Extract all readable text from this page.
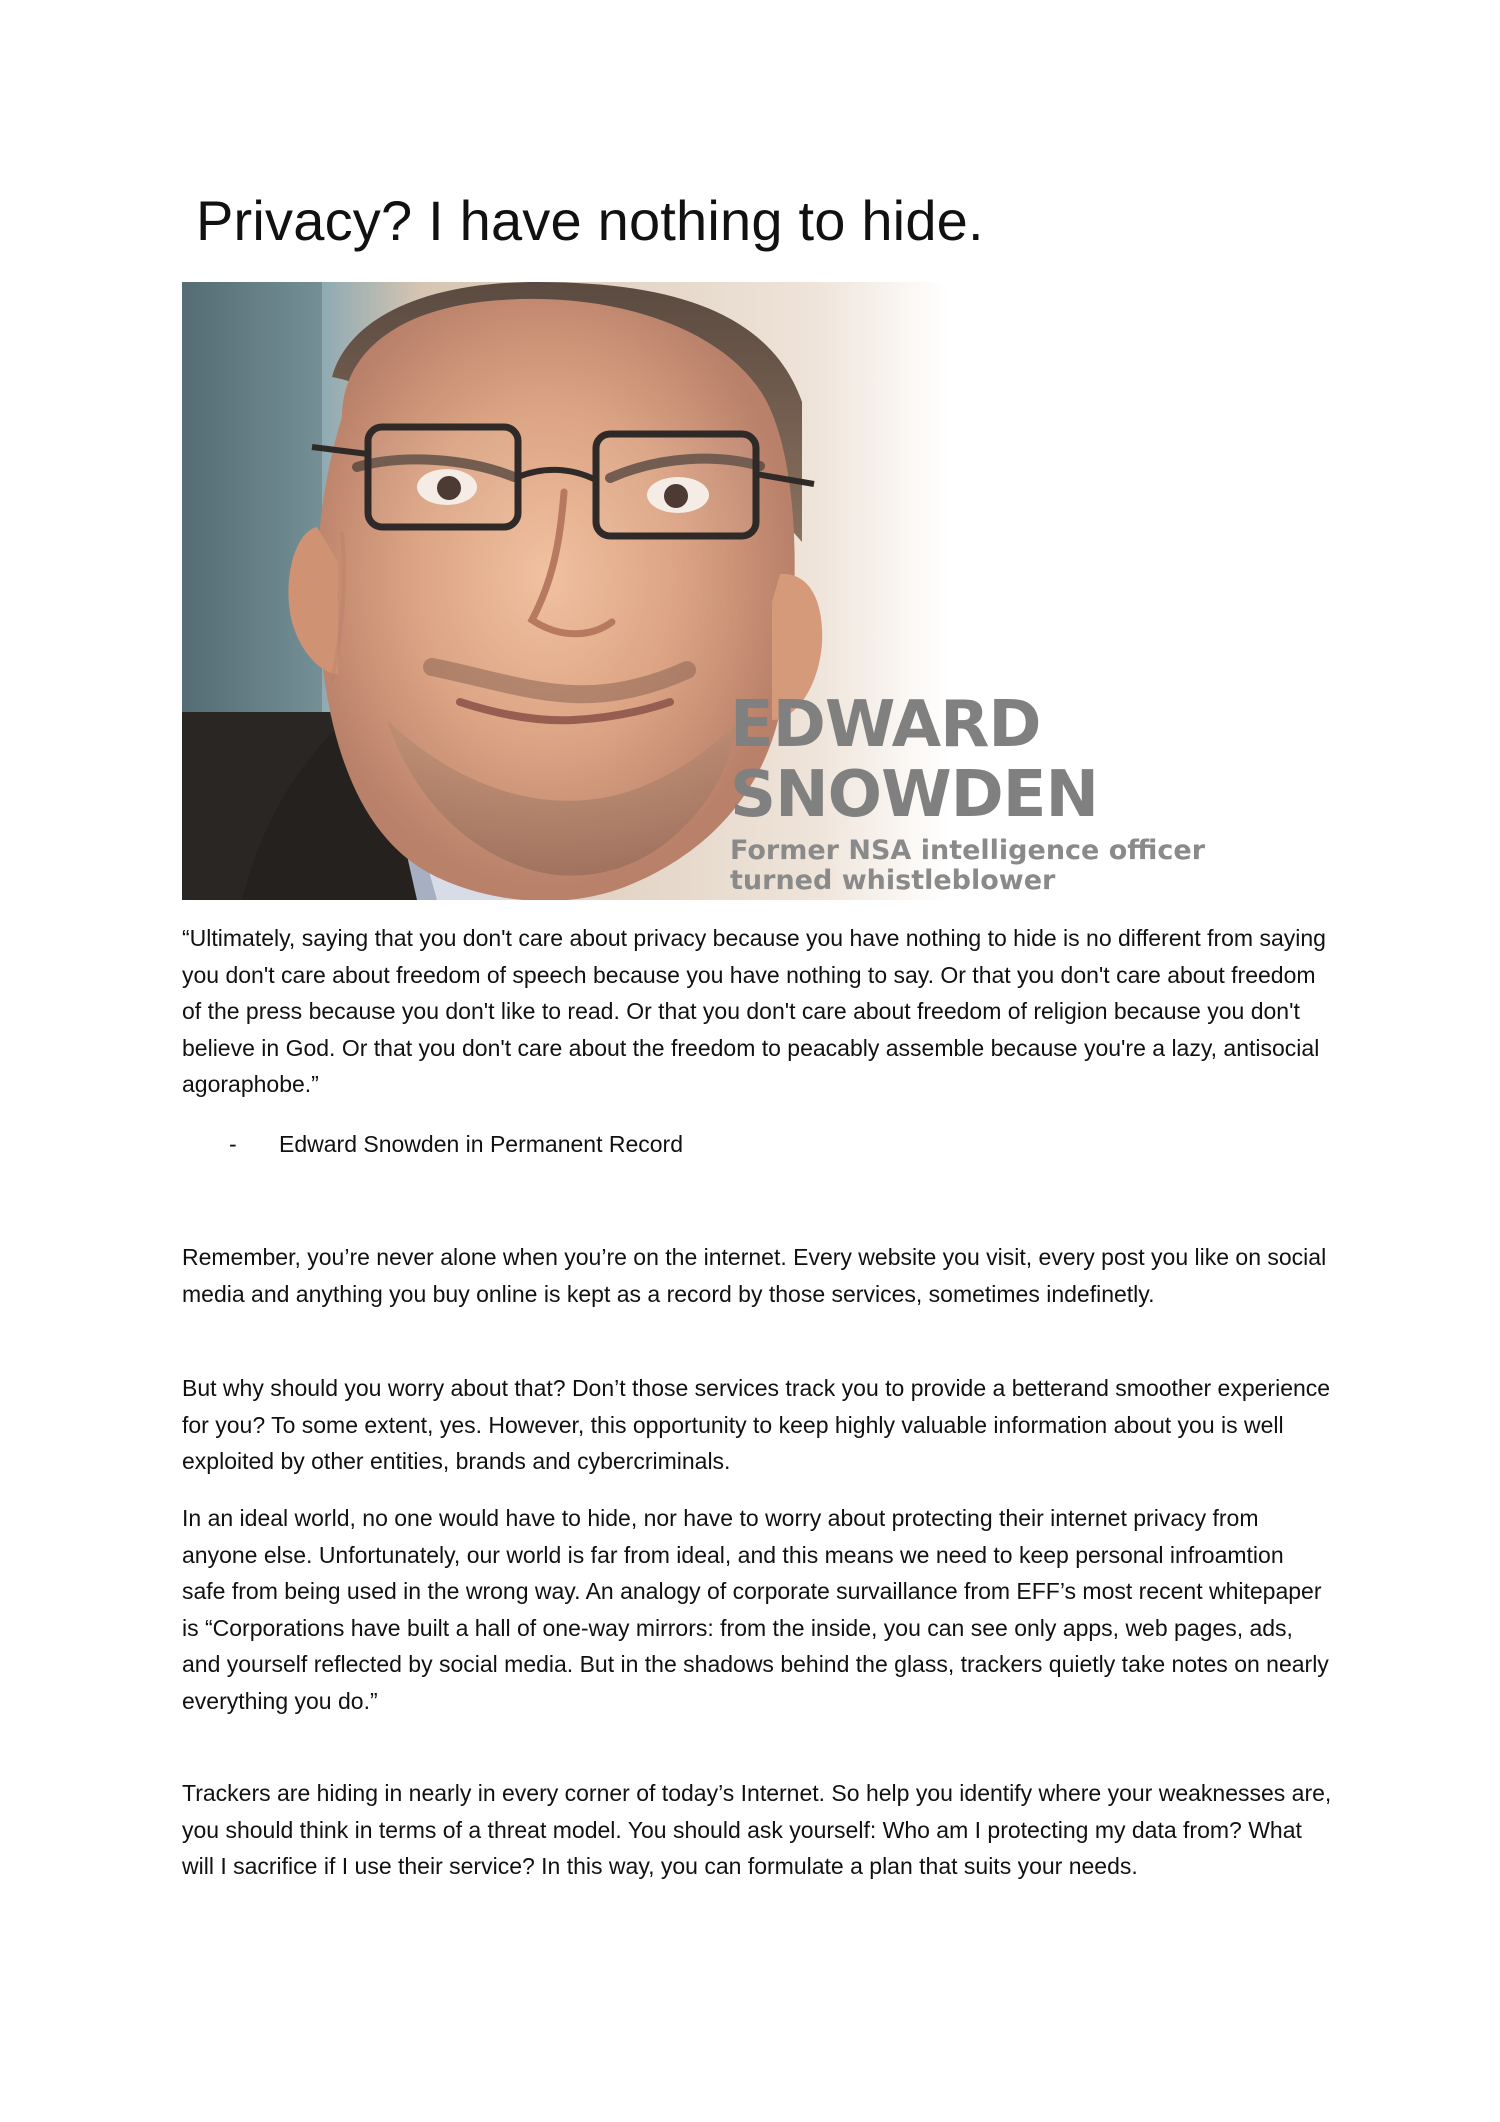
Privacy? I have nothing to hide.
EDWARD SNOWDEN
Former NSA intelligence officer turned whistleblower
“Ultimately, saying that you don't care about privacy because you have nothing to hide is no different from saying you don't care about freedom of speech because you have nothing to say. Or that you don't care about freedom of the press because you don't like to read. Or that you don't care about freedom of religion because you don't believe in God. Or that you don't care about the freedom to peacably assemble because you're a lazy, antisocial agoraphobe.”
- Edward Snowden in Permanent Record
Remember, you’re never alone when you’re on the internet. Every website you visit, every post you like on social media and anything you buy online is kept as a record by those services, sometimes indefinetly.
But why should you worry about that? Don’t those services track you to provide a betterand smoother experience for you? To some extent, yes. However, this opportunity to keep highly valuable information about you is well exploited by other entities, brands and cybercriminals.
In an ideal world, no one would have to hide, nor have to worry about protecting their internet privacy from anyone else. Unfortunately, our world is far from ideal, and this means we need to keep personal infroamtion safe from being used in the wrong way. An analogy of corporate survaillance from EFF’s most recent whitepaper is “Corporations have built a hall of one-way mirrors: from the inside, you can see only apps, web pages, ads, and yourself reflected by social media. But in the shadows behind the glass, trackers quietly take notes on nearly everything you do.”
Trackers are hiding in nearly in every corner of today’s Internet. So help you identify where your weaknesses are, you should think in terms of a threat model. You should ask yourself: Who am I protecting my data from? What will I sacrifice if I use their service? In this way, you can formulate a plan that suits your needs.
